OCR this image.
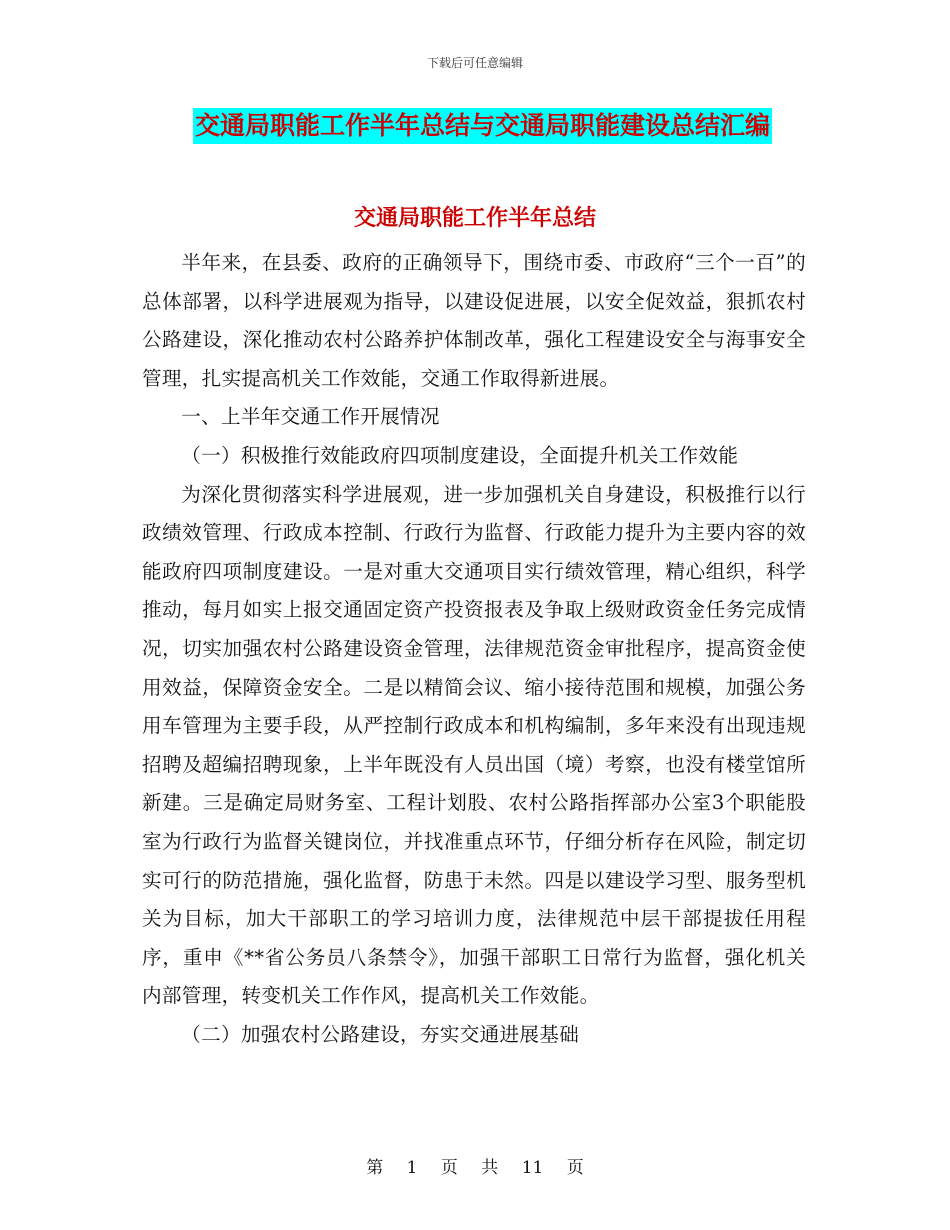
下载后可任意编辑
交通局职能工作半年总结与交通局职能建设总结汇编
交通局职能工作半年总结

半年来，在县委、政府的正确领导下，围绕市委、市政府“三个一百”的总体部署，以科学进展观为指导，以建设促进展，以安全促效益，狠抓农村公路建设，深化推动农村公路养护体制改革，强化工程建设安全与海事安全管理，扎实提高机关工作效能，交通工作取得新进展。

一、上半年交通工作开展情况

（一）积极推行效能政府四项制度建设，全面提升机关工作效能

为深化贯彻落实科学进展观，进一步加强机关自身建设，积极推行以行政绩效管理、行政成本控制、行政行为监督、行政能力提升为主要内容的效能政府四项制度建设。一是对重大交通项目实行绩效管理，精心组织，科学推动，每月如实上报交通固定资产投资报表及争取上级财政资金任务完成情况，切实加强农村公路建设资金管理，法律规范资金审批程序，提高资金使用效益，保障资金安全。二是以精简会议、缩小接待范围和规模，加强公务用车管理为主要手段，从严控制行政成本和机构编制，多年来没有出现违规招聘及超编招聘现象，上半年既没有人员出国（境）考察，也没有楼堂馆所新建。三是确定局财务室、工程计划股、农村公路指挥部办公室3个职能股室为行政行为监督关键岗位，并找准重点环节，仔细分析存在风险，制定切实可行的防范措施，强化监督，防患于未然。四是以建设学习型、服务型机关为目标，加大干部职工的学习培训力度，法律规范中层干部提拔任用程序，重申《**省公务员八条禁令》，加强干部职工日常行为监督，强化机关内部管理，转变机关工作作风，提高机关工作效能。

（二）加强农村公路建设，夯实交通进展基础

第 1 页 共 11 页
